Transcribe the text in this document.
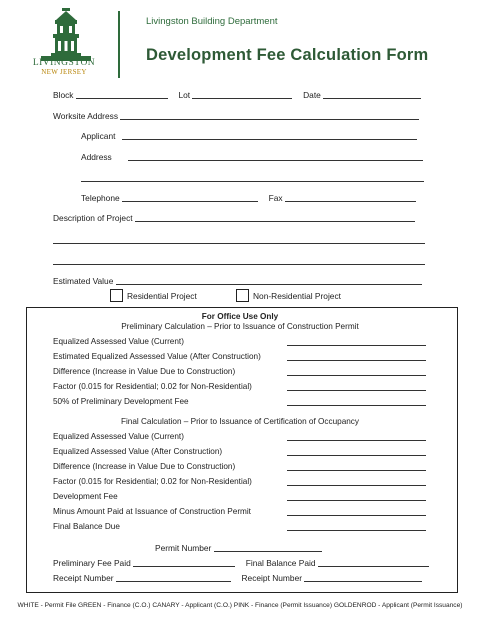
LIVINGSTON
NEW JERSEY
Livingston Building Department
Development Fee Calculation Form
Block	Lot	Date
Worksite Address
Applicant
Address
Telephone	Fax
Description of Project
Estimated Value
Residential Project	Non-Residential Project
For Office Use Only
Preliminary Calculation – Prior to Issuance of Construction Permit
Equalized Assessed Value (Current)
Estimated Equalized Assessed Value (After Construction)
Difference (Increase in Value Due to Construction)
Factor (0.015 for Residential; 0.02 for Non-Residential)
50% of Preliminary Development Fee
Final Calculation – Prior to Issuance of Certification of Occupancy
Equalized Assessed Value (Current)
Equalized Assessed Value (After Construction)
Difference (Increase in Value Due to Construction)
Factor (0.015 for Residential; 0.02 for Non-Residential)
Development Fee
Minus Amount Paid at Issuance of Construction Permit
Final Balance Due
Permit Number
Preliminary Fee Paid	Final Balance Paid
Receipt Number	Receipt Number
WHITE - Permit File GREEN - Finance (C.O.) CANARY - Applicant (C.O.) PINK - Finance (Permit Issuance) GOLDENROD - Applicant (Permit Issuance)
